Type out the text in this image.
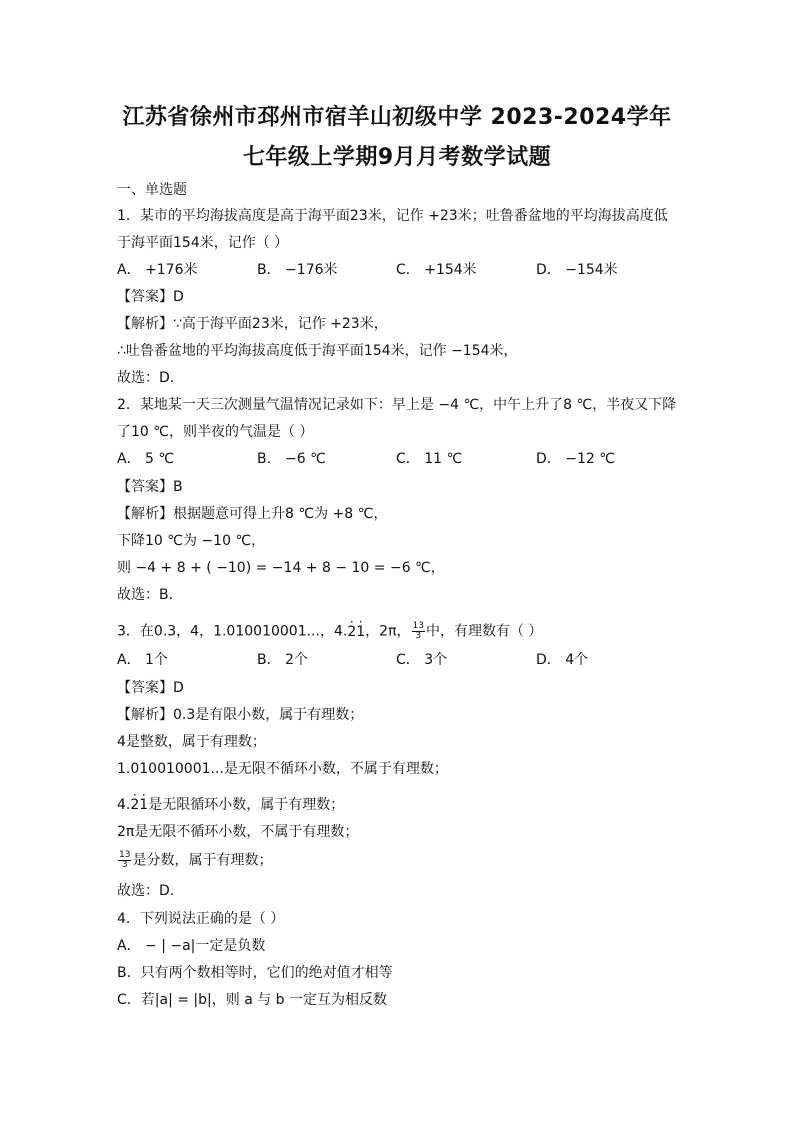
江苏省徐州市邳州市宿羊山初级中学 2023-2024学年
七年级上学期9月月考数学试题
一、单选题
1．某市的平均海拔高度是高于海平面23米，记作 +23米；吐鲁番盆地的平均海拔高度低
于海平面154米，记作（ ）
A． +176米	B． −176米	C． +154米	D． −154米
【答案】D
【解析】∵高于海平面23米，记作 +23米，
∴吐鲁番盆地的平均海拔高度低于海平面154米，记作 −154米，
故选：D.
2．某地某一天三次测量气温情况记录如下：早上是 −4 ℃，中午上升了8 ℃，半夜又下降
了10 ℃，则半夜的气温是（ ）
A． 5 ℃	B． −6 ℃	C． 11 ℃	D． −12 ℃
【答案】B
【解析】根据题意可得上升8 ℃为 +8 ℃，
下降10 ℃为 −10 ℃，
则 −4 + 8 + ( −10) = −14 + 8 − 10 = −6 ℃，
故选：B．
3．在0.3，4，1.010010001...，4.· 2· 1，2π， $\frac{13}{3}$ 中，有理数有（ ）
A． 1个	B． 2个	C． 3个	D． 4个
【答案】D
【解析】0.3是有限小数，属于有理数；
4是整数，属于有理数；
1.010010001...是无限不循环小数，不属于有理数；
4.· 2· 1是无限循环小数，属于有理数；
2π是无限不循环小数，不属于有理数；
$\frac{13}{3}$ 是分数，属于有理数；
故选：D.
4．下列说法正确的是（ ）
A． − | −a|一定是负数
B．只有两个数相等时，它们的绝对值才相等
C．若|a| = |b|，则 a 与 b 一定互为相反数
